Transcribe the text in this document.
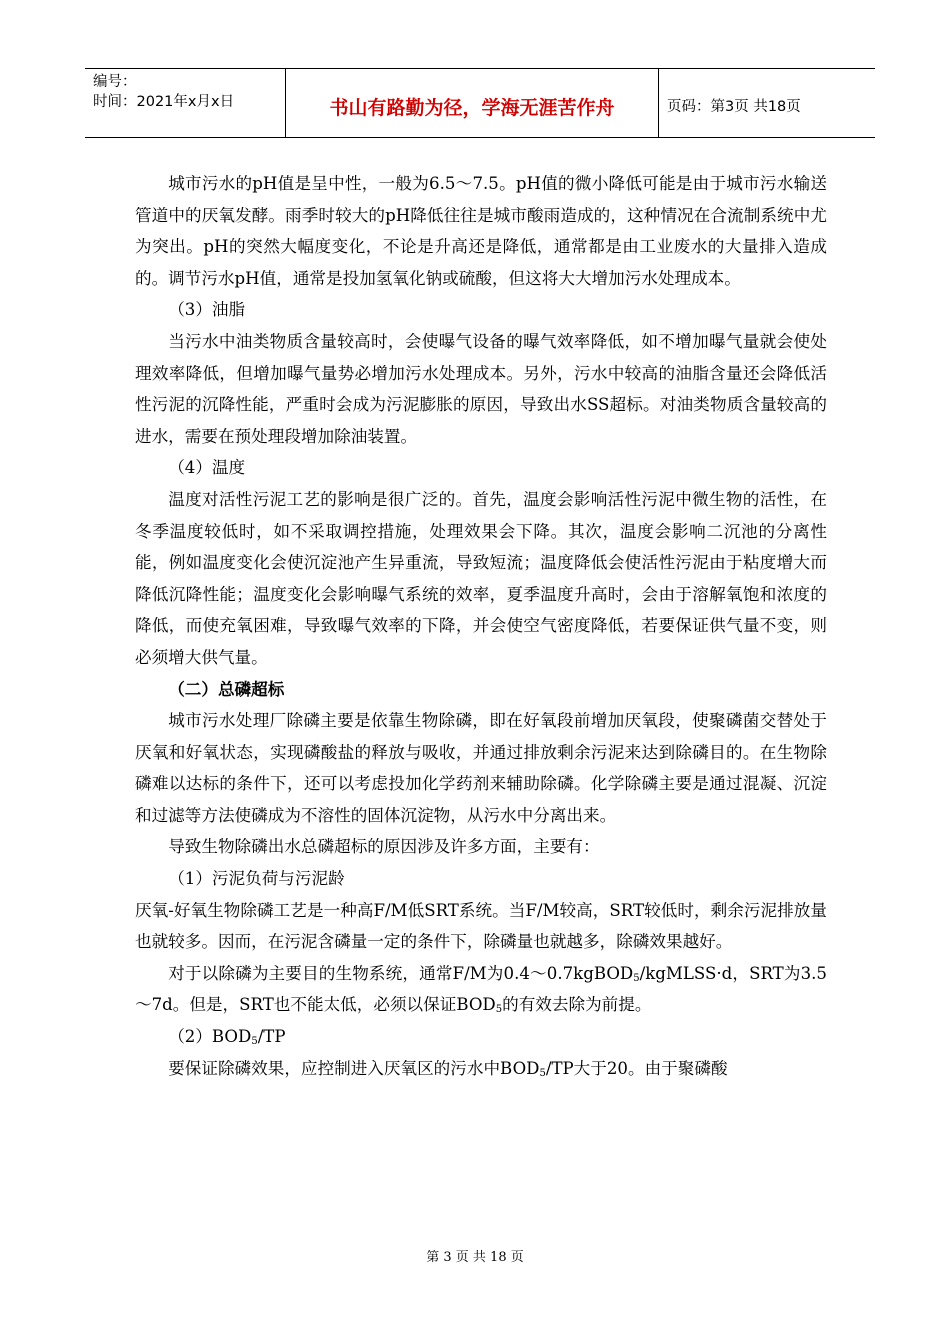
编号：
时间：2021年x月x日	书山有路勤为径，学海无涯苦作舟	页码：第3页 共18页

城市污水的pH值是呈中性，一般为6.5～7.5。pH值的微小降低可能是由于城市污水输送管道中的厌氧发酵。雨季时较大的pH降低往往是城市酸雨造成的，这种情况在合流制系统中尤为突出。pH的突然大幅度变化，不论是升高还是降低，通常都是由工业废水的大量排入造成的。调节污水pH值，通常是投加氢氧化钠或硫酸，但这将大大增加污水处理成本。

（3）油脂

当污水中油类物质含量较高时，会使曝气设备的曝气效率降低，如不增加曝气量就会使处理效率降低，但增加曝气量势必增加污水处理成本。另外，污水中较高的油脂含量还会降低活性污泥的沉降性能，严重时会成为污泥膨胀的原因，导致出水SS超标。对油类物质含量较高的进水，需要在预处理段增加除油装置。

（4）温度

温度对活性污泥工艺的影响是很广泛的。首先，温度会影响活性污泥中微生物的活性，在冬季温度较低时，如不采取调控措施，处理效果会下降。其次，温度会影响二沉池的分离性能，例如温度变化会使沉淀池产生异重流，导致短流；温度降低会使活性污泥由于粘度增大而降低沉降性能；温度变化会影响曝气系统的效率，夏季温度升高时，会由于溶解氧饱和浓度的降低，而使充氧困难，导致曝气效率的下降，并会使空气密度降低，若要保证供气量不变，则必须增大供气量。

（二）总磷超标

城市污水处理厂除磷主要是依靠生物除磷，即在好氧段前增加厌氧段，使聚磷菌交替处于厌氧和好氧状态，实现磷酸盐的释放与吸收，并通过排放剩余污泥来达到除磷目的。在生物除磷难以达标的条件下，还可以考虑投加化学药剂来辅助除磷。化学除磷主要是通过混凝、沉淀和过滤等方法使磷成为不溶性的固体沉淀物，从污水中分离出来。

导致生物除磷出水总磷超标的原因涉及许多方面，主要有：

（1）污泥负荷与污泥龄

厌氧-好氧生物除磷工艺是一种高F/M低SRT系统。当F/M较高，SRT较低时，剩余污泥排放量也就较多。因而，在污泥含磷量一定的条件下，除磷量也就越多，除磷效果越好。

对于以除磷为主要目的生物系统，通常F/M为0.4～0.7kgBOD$_5$/kgMLSS·d，SRT为3.5～7d。但是，SRT也不能太低，必须以保证$BOD_5$的有效去除为前提。

$(2)BOD_5/TP$

要保证除磷效果，应控制进入厌氧区的污水中$BOD_5/TP$大于20。由于聚磷酸

第 3 页 共 18 页
